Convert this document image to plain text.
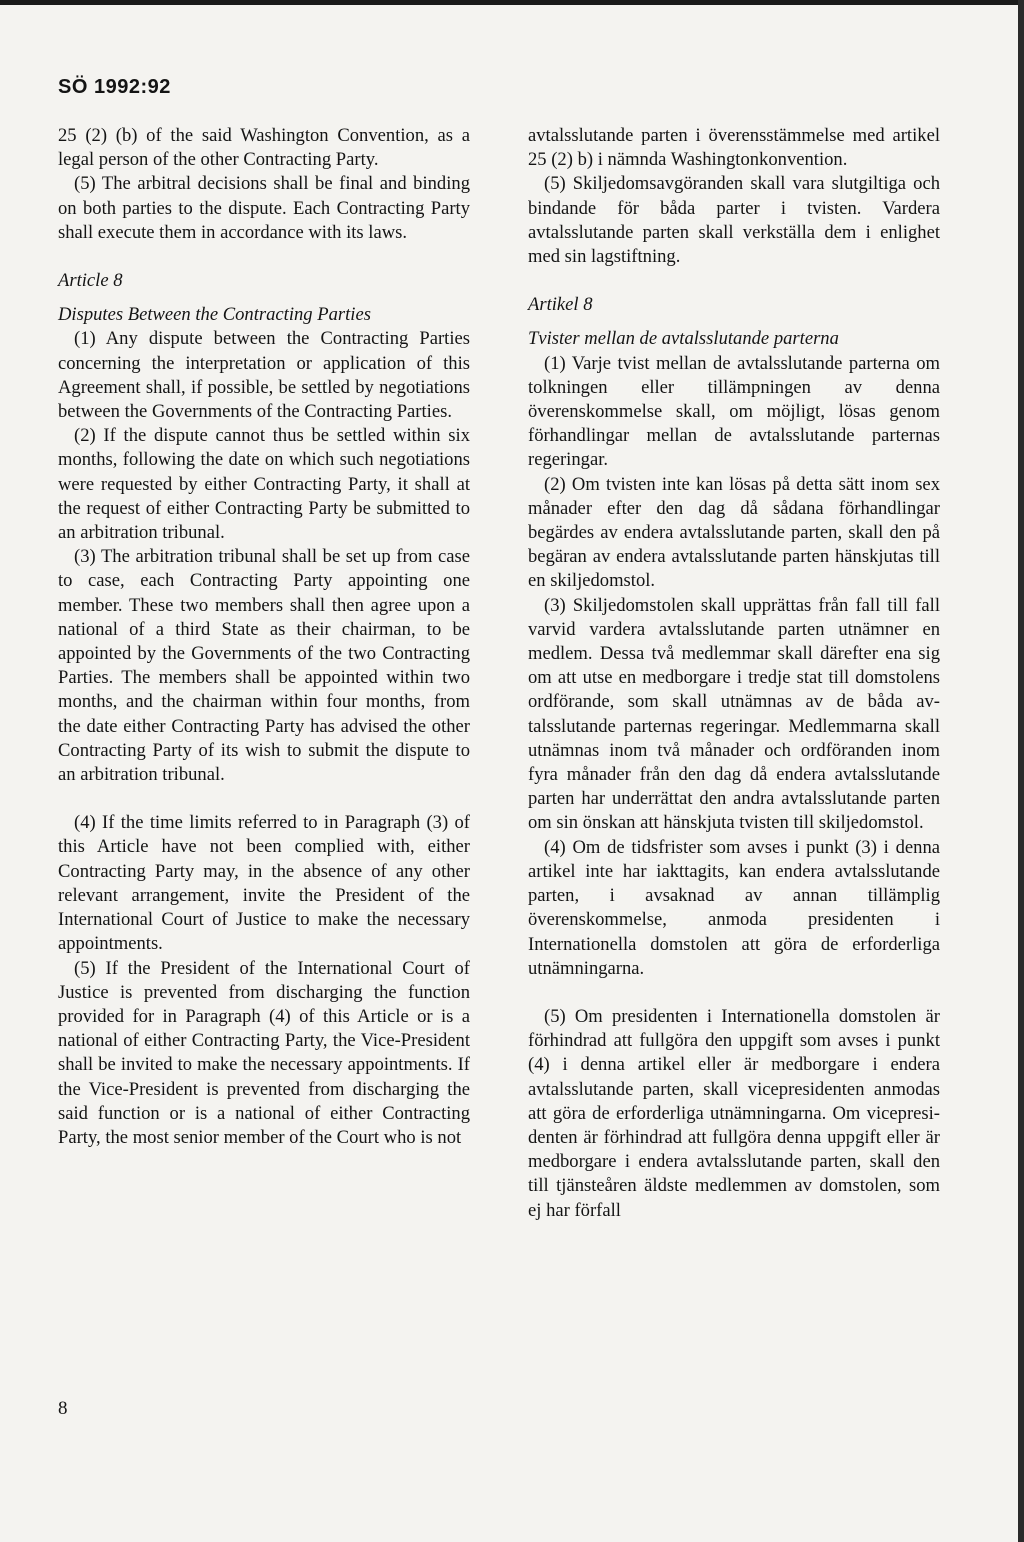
SÖ 1992:92

25 (2) (b) of the said Washington Convention, as a legal person of the other Contracting Party.

(5) The arbitral decisions shall be final and binding on both parties to the dispute. Each Contracting Party shall execute them in accordance with its laws.

Article 8

Disputes Between the Contracting Parties

(1) Any dispute between the Contracting Parties concerning the interpretation or application of this Agreement shall, if possible, be settled by negotiations between the Governments of the Contracting Parties.

(2) If the dispute cannot thus be settled within six months, following the date on which such negotiations were requested by either Contracting Party, it shall at the request of either Contracting Party be submitted to an arbitration tribunal.

(3) The arbitration tribunal shall be set up from case to case, each Contracting Party appointing one member. These two members shall then agree upon a national of a third State as their chairman, to be appointed by the Governments of the two Contracting Parties. The members shall be appointed within two months, and the chairman within four months, from the date either Contracting Party has advised the other Contracting Party of its wish to submit the dispute to an arbitration tribunal.

(4) If the time limits referred to in Paragraph (3) of this Article have not been complied with, either Contracting Party may, in the absence of any other relevant arrangement, invite the President of the International Court of Justice to make the necessary appointments.

(5) If the President of the International Court of Justice is prevented from discharging the function provided for in Paragraph (4) of this Article or is a national of either Contracting Party, the Vice-President shall be invited to make the necessary appointments. If the Vice-President is prevented from discharging the said function or is a national of either Contracting Party, the most senior member of the Court who is not

avtalsslutande parten i överensstämmelse med artikel 25 (2) b) i nämnda Washingtonkonvention.

(5) Skiljedomsavgöranden skall vara slutgiltiga och bindande för båda parter i tvisten. Vardera avtalsslutande parten skall verkställa dem i enlighet med sin lagstiftning.

Artikel 8

Tvister mellan de avtalsslutande parterna

(1) Varje tvist mellan de avtalsslutande parterna om tolkningen eller tillämpningen av denna överenskommelse skall, om möjligt, lösas genom förhandlingar mellan de avtalsslutande parternas regeringar.

(2) Om tvisten inte kan lösas på detta sätt inom sex månader efter den dag då sådana förhandlingar begärdes av endera avtalsslutande parten, skall den på begäran av endera avtalsslutande parten hänskjutas till en skiljedomstol.

(3) Skiljedomstolen skall upprättas från fall till fall varvid vardera avtalsslutande parten utnämner en medlem. Dessa två medlemmar skall därefter ena sig om att utse en medborgare i tredje stat till domstolens ordförande, som skall utnämnas av de båda avtalsslutande parternas regeringar. Medlemmarna skall utnämnas inom två månader och ordföranden inom fyra månader från den dag då endera avtalsslutande parten har underrättat den andra avtalsslutande parten om sin önskan att hänskjuta tvisten till skiljedomstol.

(4) Om de tidsfrister som avses i punkt (3) i denna artikel inte har iakttagits, kan endera avtalsslutande parten, i avsaknad av annan tillämplig överenskommelse, anmoda presidenten i Internationella domstolen att göra de erforderliga utnämningarna.

(5) Om presidenten i Internationella domstolen är förhindrad att fullgöra den uppgift som avses i punkt (4) i denna artikel eller är medborgare i endera avtalsslutande parten, skall vicepresidenten anmodas att göra de erforderliga utnämningarna. Om vicepresidenten är förhindrad att fullgöra denna uppgift eller är medborgare i endera avtalsslutande parten, skall den till tjänsteåren äldste medlemmen av domstolen, som ej har förfall

8
